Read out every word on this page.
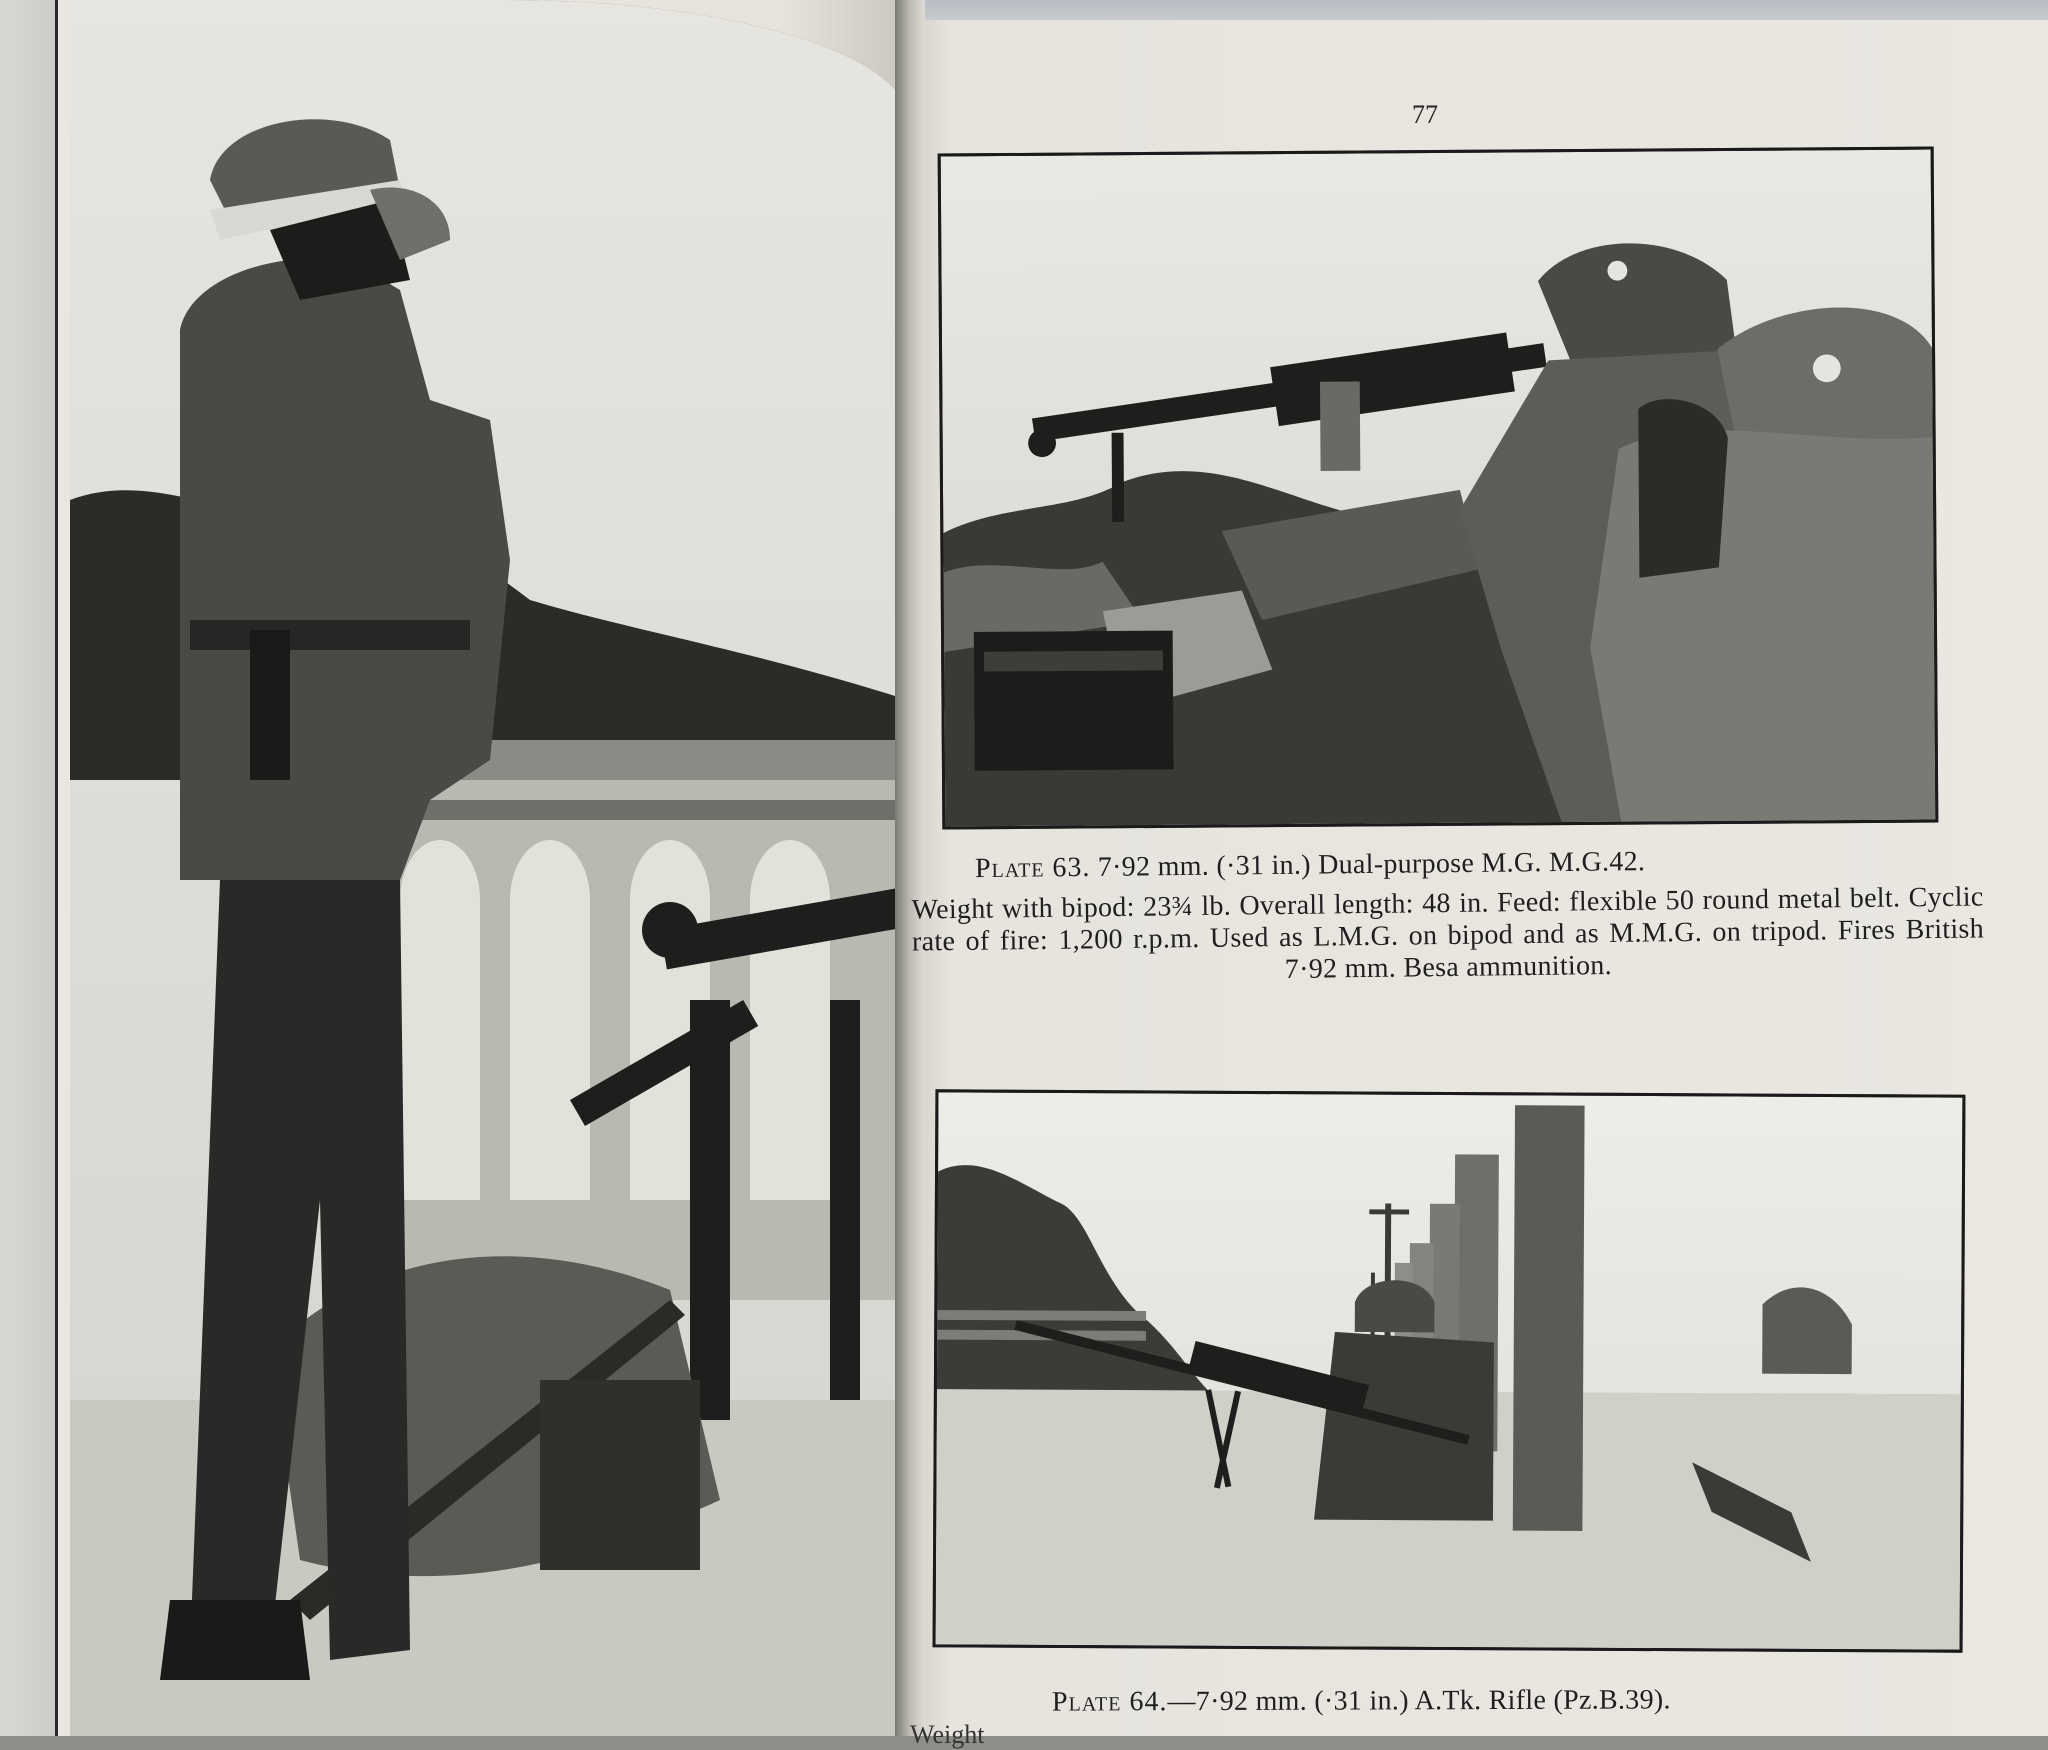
77
Plate 63. 7·92 mm. (·31 in.) Dual-purpose M.G. M.G.42.
Weight with bipod: 23¾ lb. Overall length: 48 in. Feed: flexible 50 round metal belt. Cyclic rate of fire: 1,200 r.p.m. Used as L.M.G. on bipod and as M.M.G. on tripod. Fires British 7·92 mm. Besa ammunition.
Plate 64.—7·92 mm. (·31 in.) A.Tk. Rifle (Pz.B.39).
Weight
